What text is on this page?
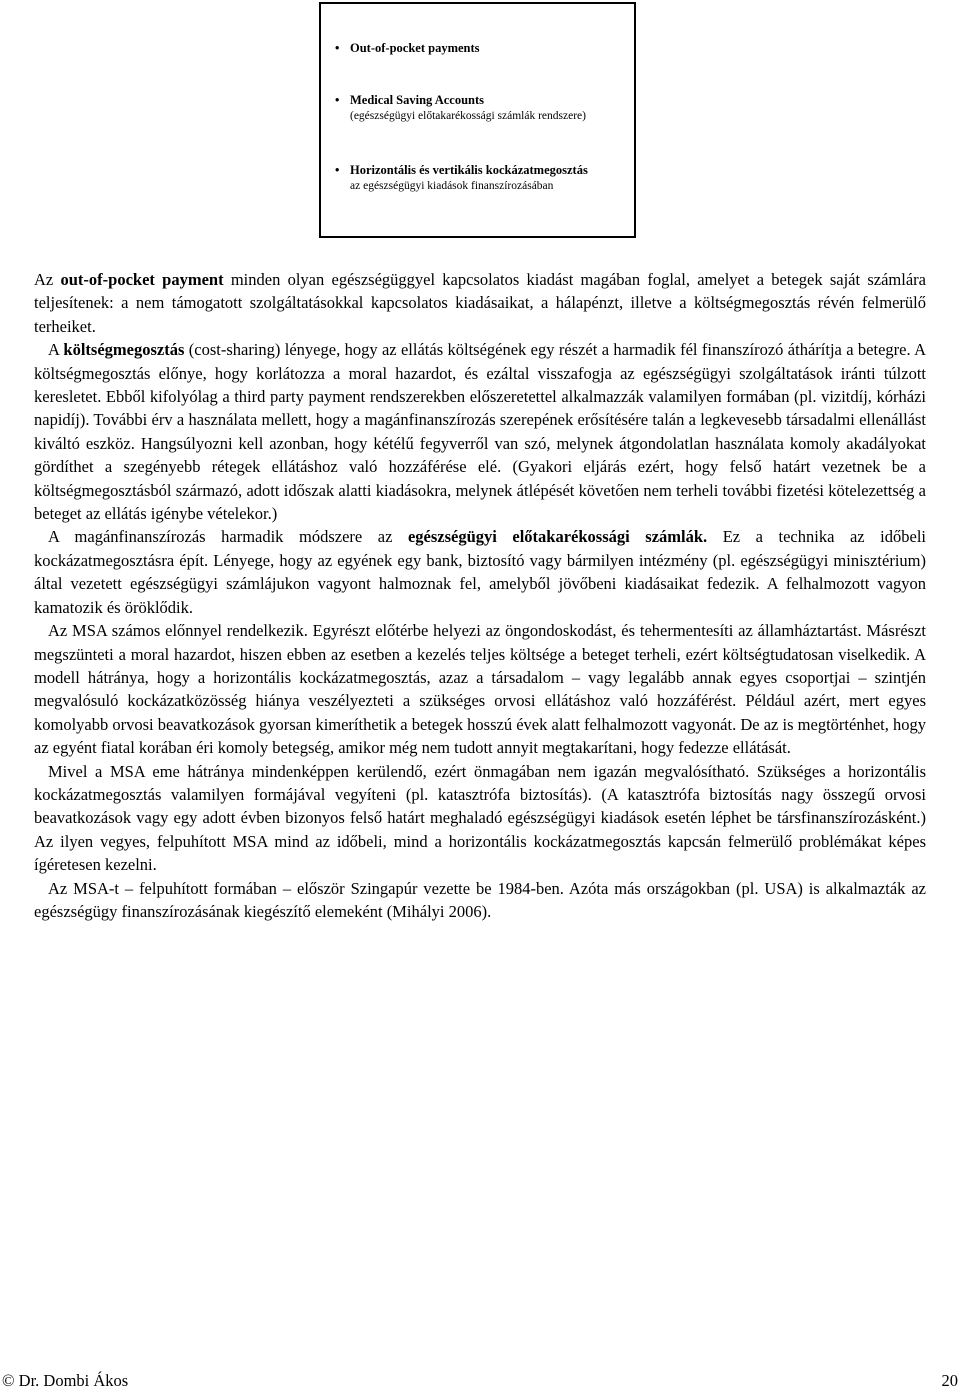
• Out-of-pocket payments
• Medical Saving Accounts
(egészségügyi előtakarékossági számlák rendszere)
• Horizontális és vertikális kockázatmegosztás
az egészségügyi kiadások finanszírozásában

Az out-of-pocket payment minden olyan egészségüggyel kapcsolatos kiadást magában foglal, amelyet a betegek saját számlára teljesítenek: a nem támogatott szolgáltatásokkal kapcsolatos kiadásaikat, a hálapénzt, illetve a költségmegosztás révén felmerülő terheiket.

A költségmegosztás (cost-sharing) lényege, hogy az ellátás költségének egy részét a harmadik fél finanszírozó áthárítja a betegre. A költségmegosztás előnye, hogy korlátozza a moral hazardot, és ezáltal visszafogja az egészségügyi szolgáltatások iránti túlzott keresletet. Ebből kifolyólag a third party payment rendszerekben előszeretettel alkalmazzák valamilyen formában (pl. vizitdíj, kórházi napidíj). További érv a használata mellett, hogy a magánfinanszírozás szerepének erősítésére talán a legkevesebb társadalmi ellenállást kiváltó eszköz. Hangsúlyozni kell azonban, hogy kétélű fegyverről van szó, melynek átgondolatlan használata komoly akadályokat gördíthet a szegényebb rétegek ellátáshoz való hozzáférése elé. (Gyakori eljárás ezért, hogy felső határt vezetnek be a költségmegosztásból származó, adott időszak alatti kiadásokra, melynek átlépését követően nem terheli további fizetési kötelezettség a beteget az ellátás igénybe vételekor.)

A magánfinanszírozás harmadik módszere az egészségügyi előtakarékossági számlák. Ez a technika az időbeli kockázatmegosztásra épít. Lényege, hogy az egyének egy bank, biztosító vagy bármilyen intézmény (pl. egészségügyi minisztérium) által vezetett egészségügyi számlájukon vagyont halmoznak fel, amelyből jövőbeni kiadásaikat fedezik. A felhalmozott vagyon kamatozik és öröklődik.

Az MSA számos előnnyel rendelkezik. Egyrészt előtérbe helyezi az öngondoskodást, és tehermentesíti az államháztartást. Másrészt megszünteti a moral hazardot, hiszen ebben az esetben a kezelés teljes költsége a beteget terheli, ezért költségtudatosan viselkedik. A modell hátránya, hogy a horizontális kockázatmegosztás, azaz a társadalom – vagy legalább annak egyes csoportjai – szintjén megvalósuló kockázatközösség hiánya veszélyezteti a szükséges orvosi ellátáshoz való hozzáférést. Például azért, mert egyes komolyabb orvosi beavatkozások gyorsan kimeríthetik a betegek hosszú évek alatt felhalmozott vagyonát. De az is megtörténhet, hogy az egyént fiatal korában éri komoly betegség, amikor még nem tudott annyit megtakarítani, hogy fedezze ellátását.

Mivel a MSA eme hátránya mindenképpen kerülendő, ezért önmagában nem igazán megvalósítható. Szükséges a horizontális kockázatmegosztás valamilyen formájával vegyíteni (pl. katasztrófa biztosítás). (A katasztrófa biztosítás nagy összegű orvosi beavatkozások vagy egy adott évben bizonyos felső határt meghaladó egészségügyi kiadások esetén léphet be társfinanszírozásként.) Az ilyen vegyes, felpuhított MSA mind az időbeli, mind a horizontális kockázatmegosztás kapcsán felmerülő problémákat képes ígéretesen kezelni.

Az MSA-t – felpuhított formában – először Szingapúr vezette be 1984-ben. Azóta más országokban (pl. USA) is alkalmazták az egészségügy finanszírozásának kiegészítő elemeként (Mihályi 2006).

© Dr. Dombi Ákos	20
